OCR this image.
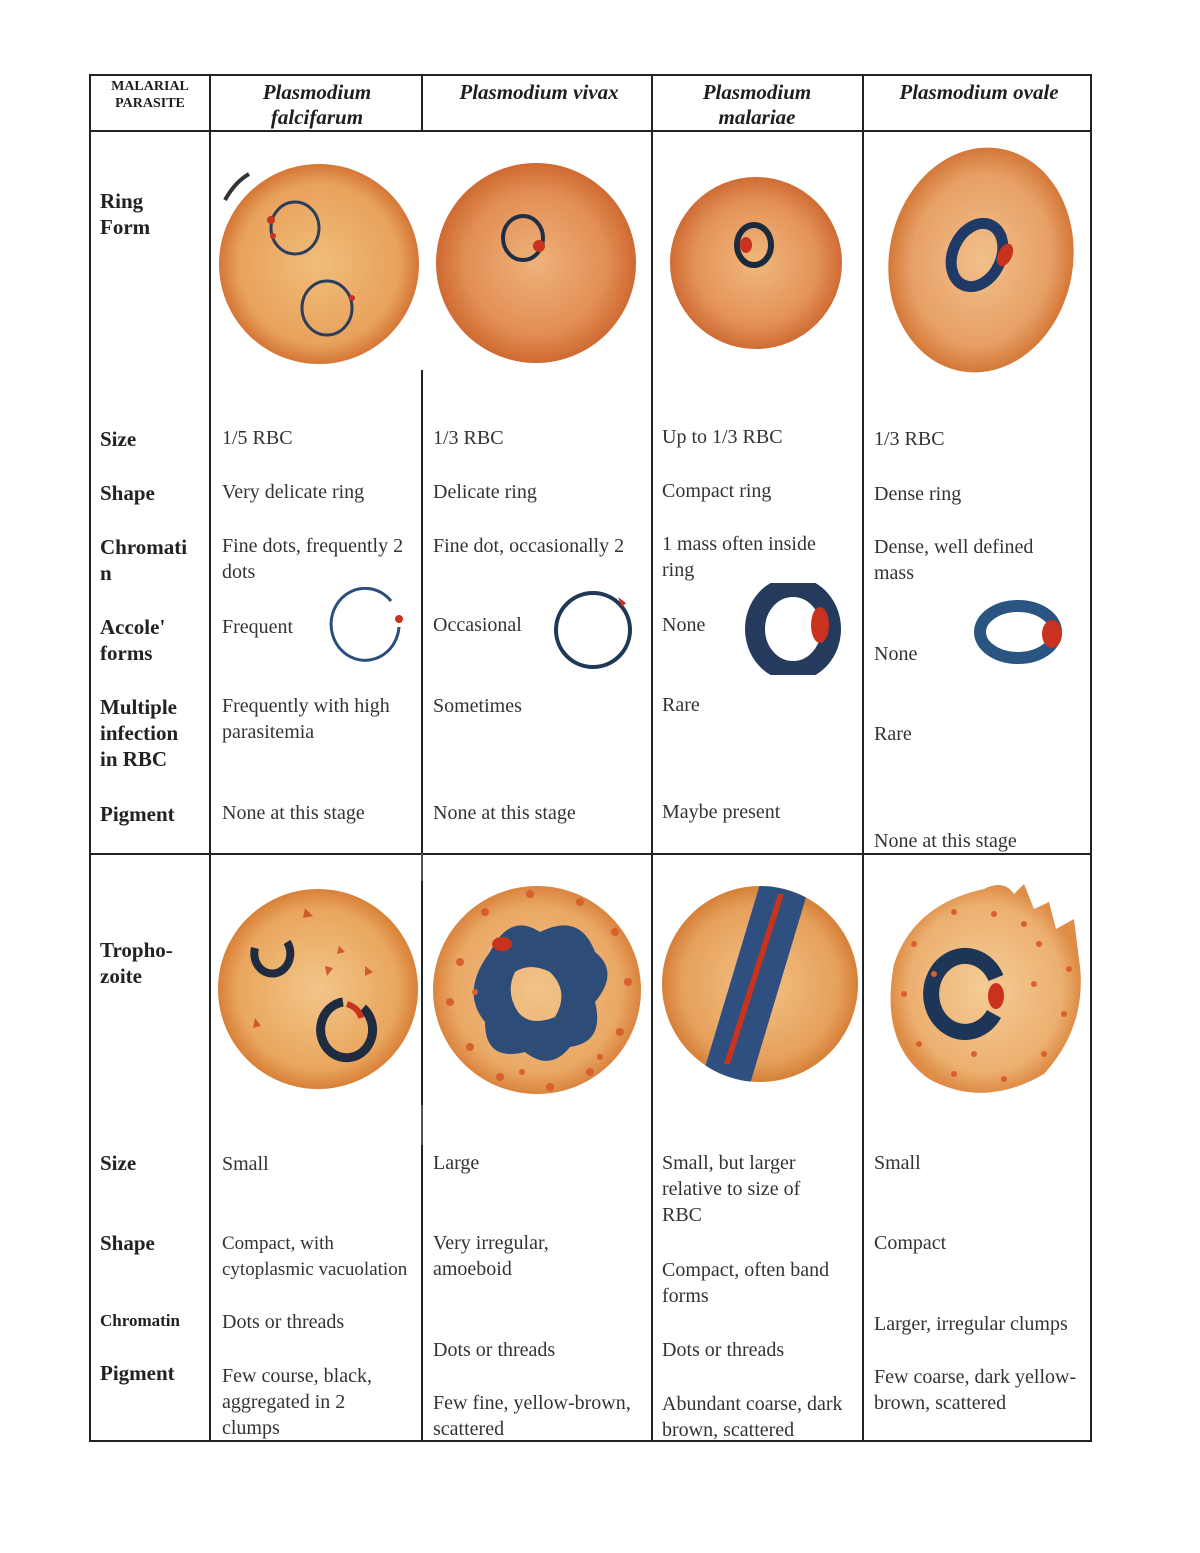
MALARIAL PARASITE	Plasmodium falcifarum
Plasmodium vivax	Plasmodium malariae
Plasmodium ovale
Ring Form
Size
Shape
Chromati n
Accole' forms
Multiple infection in RBC
Pigment
1/5 RBC
Very delicate ring
Fine dots, frequently 2 dots
Frequent
Frequently with high parasitemia
None at this stage
1/3 RBC
Delicate ring
Fine dot, occasionally 2
Occasional
Sometimes
None at this stage
Up to 1/3 RBC
Compact ring
1 mass often inside ring
None
Rare
Maybe present
1/3 RBC
Dense ring
Dense, well defined mass
None
Rare
None at this stage
Tropho- zoite
Size
Shape
Chromatin
Pigment
Small
Compact, with cytoplasmic vacuolation
Dots or threads
Few course, black, aggregated in 2 clumps
Large
Very irregular, amoeboid
Dots or threads
Few fine, yellow-brown, scattered
Small, but larger relative to size of RBC
Compact, often band forms
Dots or threads
Abundant coarse, dark brown, scattered
Small
Compact
Larger, irregular clumps
Few coarse, dark yellow-brown, scattered
